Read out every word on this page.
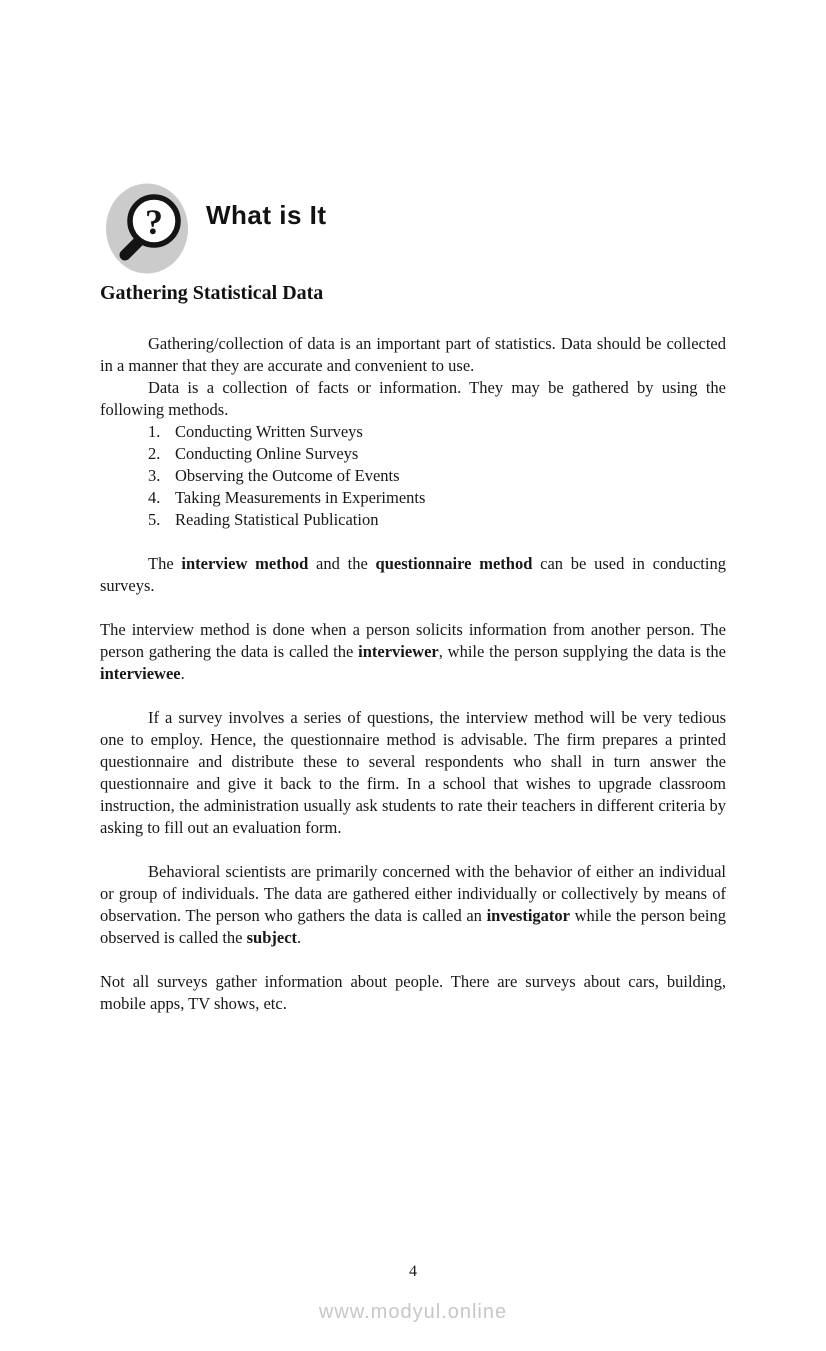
? What is It
Gathering Statistical Data

Gathering/collection of data is an important part of statistics. Data should be collected in a manner that they are accurate and convenient to use.

Data is a collection of facts or information. They may be gathered by using the following methods.

1. Conducting Written Surveys
2. Conducting Online Surveys
3. Observing the Outcome of Events
4. Taking Measurements in Experiments
5. Reading Statistical Publication

The interview method and the questionnaire method can be used in conducting surveys.

The interview method is done when a person solicits information from another person. The person gathering the data is called the interviewer, while the person supplying the data is the interviewee.

If a survey involves a series of questions, the interview method will be very tedious one to employ. Hence, the questionnaire method is advisable. The firm prepares a printed questionnaire and distribute these to several respondents who shall in turn answer the questionnaire and give it back to the firm. In a school that wishes to upgrade classroom instruction, the administration usually ask students to rate their teachers in different criteria by asking to fill out an evaluation form.

Behavioral scientists are primarily concerned with the behavior of either an individual or group of individuals. The data are gathered either individually or collectively by means of observation. The person who gathers the data is called an investigator while the person being observed is called the subject.

Not all surveys gather information about people. There are surveys about cars, building, mobile apps, TV shows, etc.

4
www.modyul.online
